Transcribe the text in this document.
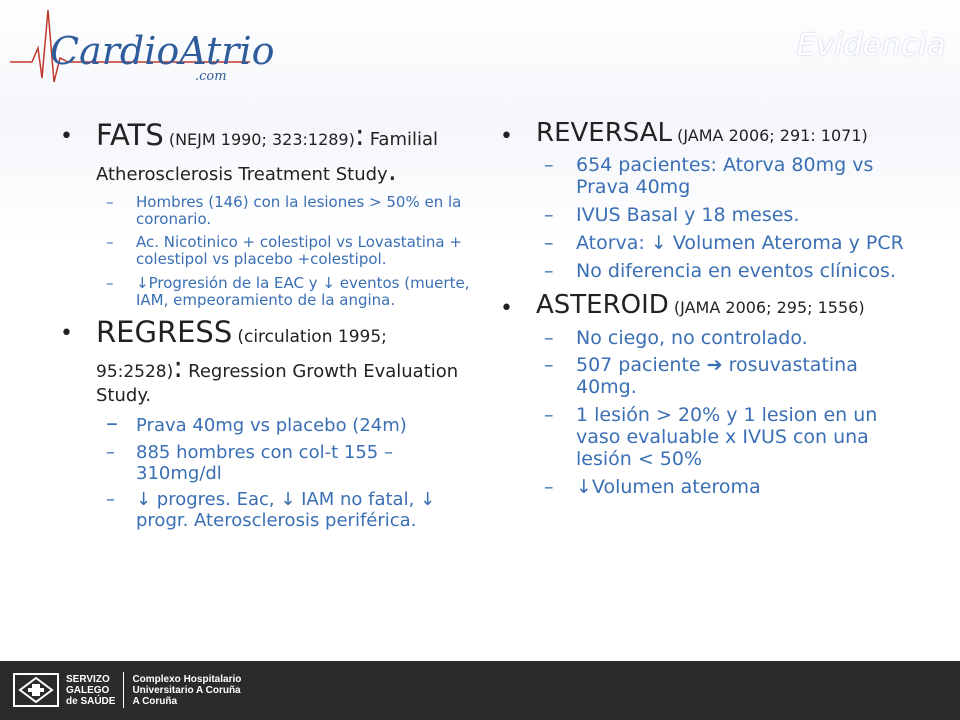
CardioAtrio
.com
Evidencia
• FATS (NEJM 1990; 323:1289): Familial Atherosclerosis Treatment Study.
– Hombres (146) con la lesiones > 50% en la coronario.
– Ac. Nicotinico + colestipol vs Lovastatina + colestipol vs placebo +colestipol.
– ↓Progresión de la EAC y ↓ eventos (muerte, IAM, empeoramiento de la angina.
• REGRESS (circulation 1995; 95:2528): Regression Growth Evaluation Study.
– Prava 40mg vs placebo (24m)
– 885 hombres con col-t 155 – 310mg/dl
– ↓ progres. Eac, ↓ IAM no fatal, ↓ progr. Aterosclerosis periférica.
• REVERSAL (JAMA 2006; 291: 1071)
– 654 pacientes: Atorva 80mg vs Prava 40mg
– IVUS Basal y 18 meses.
– Atorva: ↓ Volumen Ateroma y PCR
– No diferencia en eventos clínicos.
• ASTEROID (JAMA 2006; 295; 1556)
– No ciego, no controlado.
– 507 paciente ➔ rosuvastatina 40mg.
– 1 lesión > 20% y 1 lesion en un vaso evaluable x IVUS con una lesión < 50%
– ↓Volumen ateroma
SERVIZO
GALEGO
de SAÚDE
Complexo Hospitalario
Universitario A Coruña
A Coruña
